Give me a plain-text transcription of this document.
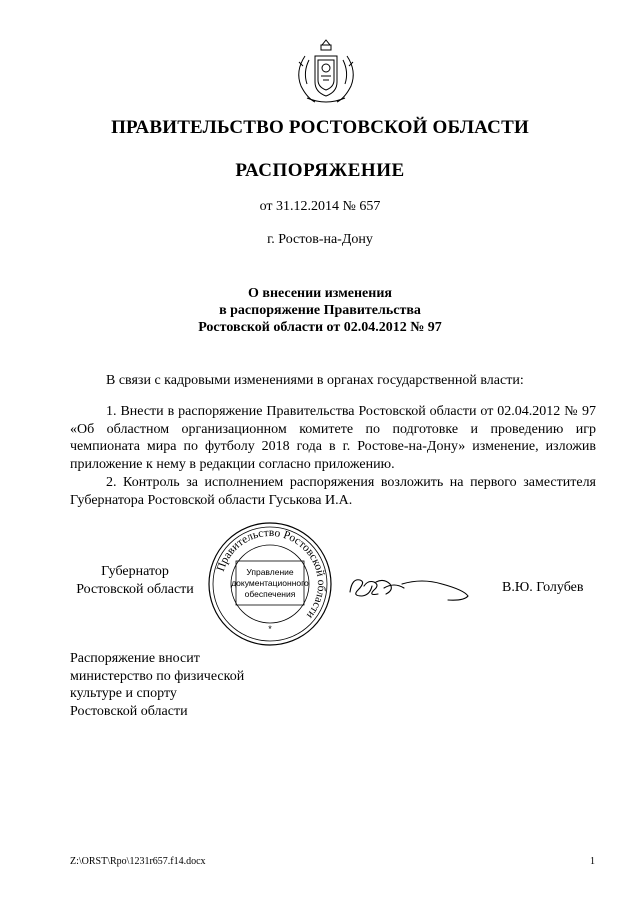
ПРАВИТЕЛЬСТВО РОСТОВСКОЙ ОБЛАСТИ
РАСПОРЯЖЕНИЕ
от 31.12.2014 № 657
г. Ростов-на-Дону
О внесении изменения
в распоряжение Правительства
Ростовской области от 02.04.2012 № 97
В связи с кадровыми изменениями в органах государственной власти:
1. Внести в распоряжение Правительства Ростовской области от 02.04.2012 № 97 «Об областном организационном комитете по подготовке и проведению игр чемпионата мира по футболу 2018 года в г. Ростове-на-Дону» изменение, изложив приложение к нему в редакции согласно приложению.
2. Контроль за исполнением распоряжения возложить на первого заместителя Губернатора Ростовской области Гуськова И.А.
Губернатор
Ростовской области
Правительство Ростовской области
Управление
документационного
обеспечения
*
В.Ю. Голубев
Распоряжение вносит
министерство по физической
культуре и спорту
Ростовской области
Z:\ORST\Rpo\1231r657.f14.docx	1
